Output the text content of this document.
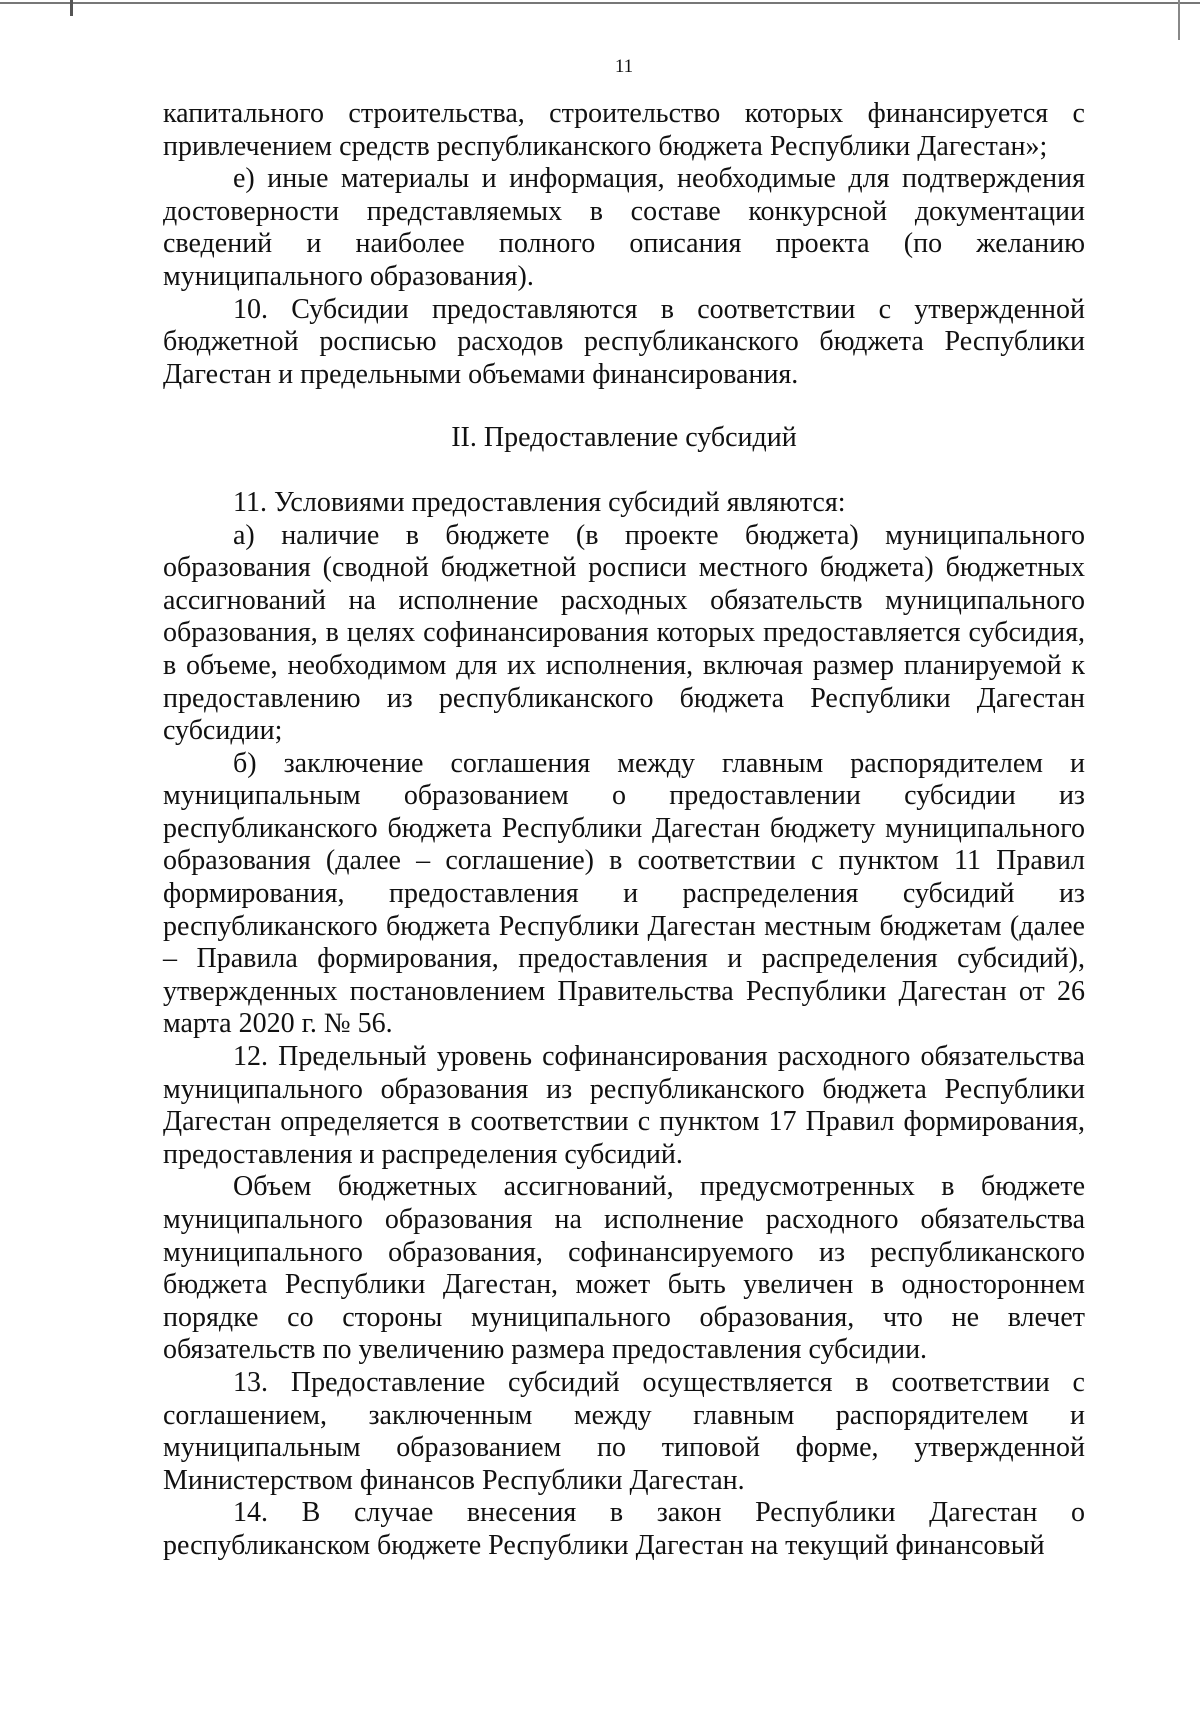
11

капитального строительства, строительство которых финансируется с привлечением средств республиканского бюджета Республики Дагестан»;

е) иные материалы и информация, необходимые для подтверждения достоверности представляемых в составе конкурсной документации сведений и наиболее полного описания проекта (по желанию муниципального образования).

10. Субсидии предоставляются в соответствии с утвержденной бюджетной росписью расходов республиканского бюджета Республики Дагестан и предельными объемами финансирования.

II. Предоставление субсидий

11. Условиями предоставления субсидий являются:

а) наличие в бюджете (в проекте бюджета) муниципального образования (сводной бюджетной росписи местного бюджета) бюджетных ассигнований на исполнение расходных обязательств муниципального образования, в целях софинансирования которых предоставляется субсидия, в объеме, необходимом для их исполнения, включая размер планируемой к предоставлению из республиканского бюджета Республики Дагестан субсидии;

б) заключение соглашения между главным распорядителем и муниципальным образованием о предоставлении субсидии из республиканского бюджета Республики Дагестан бюджету муниципального образования (далее – соглашение) в соответствии с пунктом 11 Правил формирования, предоставления и распределения субсидий из республиканского бюджета Республики Дагестан местным бюджетам (далее – Правила формирования, предоставления и распределения субсидий), утвержденных постановлением Правительства Республики Дагестан от 26 марта 2020 г. № 56.

12. Предельный уровень софинансирования расходного обязательства муниципального образования из республиканского бюджета Республики Дагестан определяется в соответствии с пунктом 17 Правил формирования, предоставления и распределения субсидий.

Объем бюджетных ассигнований, предусмотренных в бюджете муниципального образования на исполнение расходного обязательства муниципального образования, софинансируемого из республиканского бюджета Республики Дагестан, может быть увеличен в одностороннем порядке со стороны муниципального образования, что не влечет обязательств по увеличению размера предоставления субсидии.

13. Предоставление субсидий осуществляется в соответствии с соглашением, заключенным между главным распорядителем и муниципальным образованием по типовой форме, утвержденной Министерством финансов Республики Дагестан.

14. В случае внесения в закон Республики Дагестан о республиканском бюджете Республики Дагестан на текущий финансовый
